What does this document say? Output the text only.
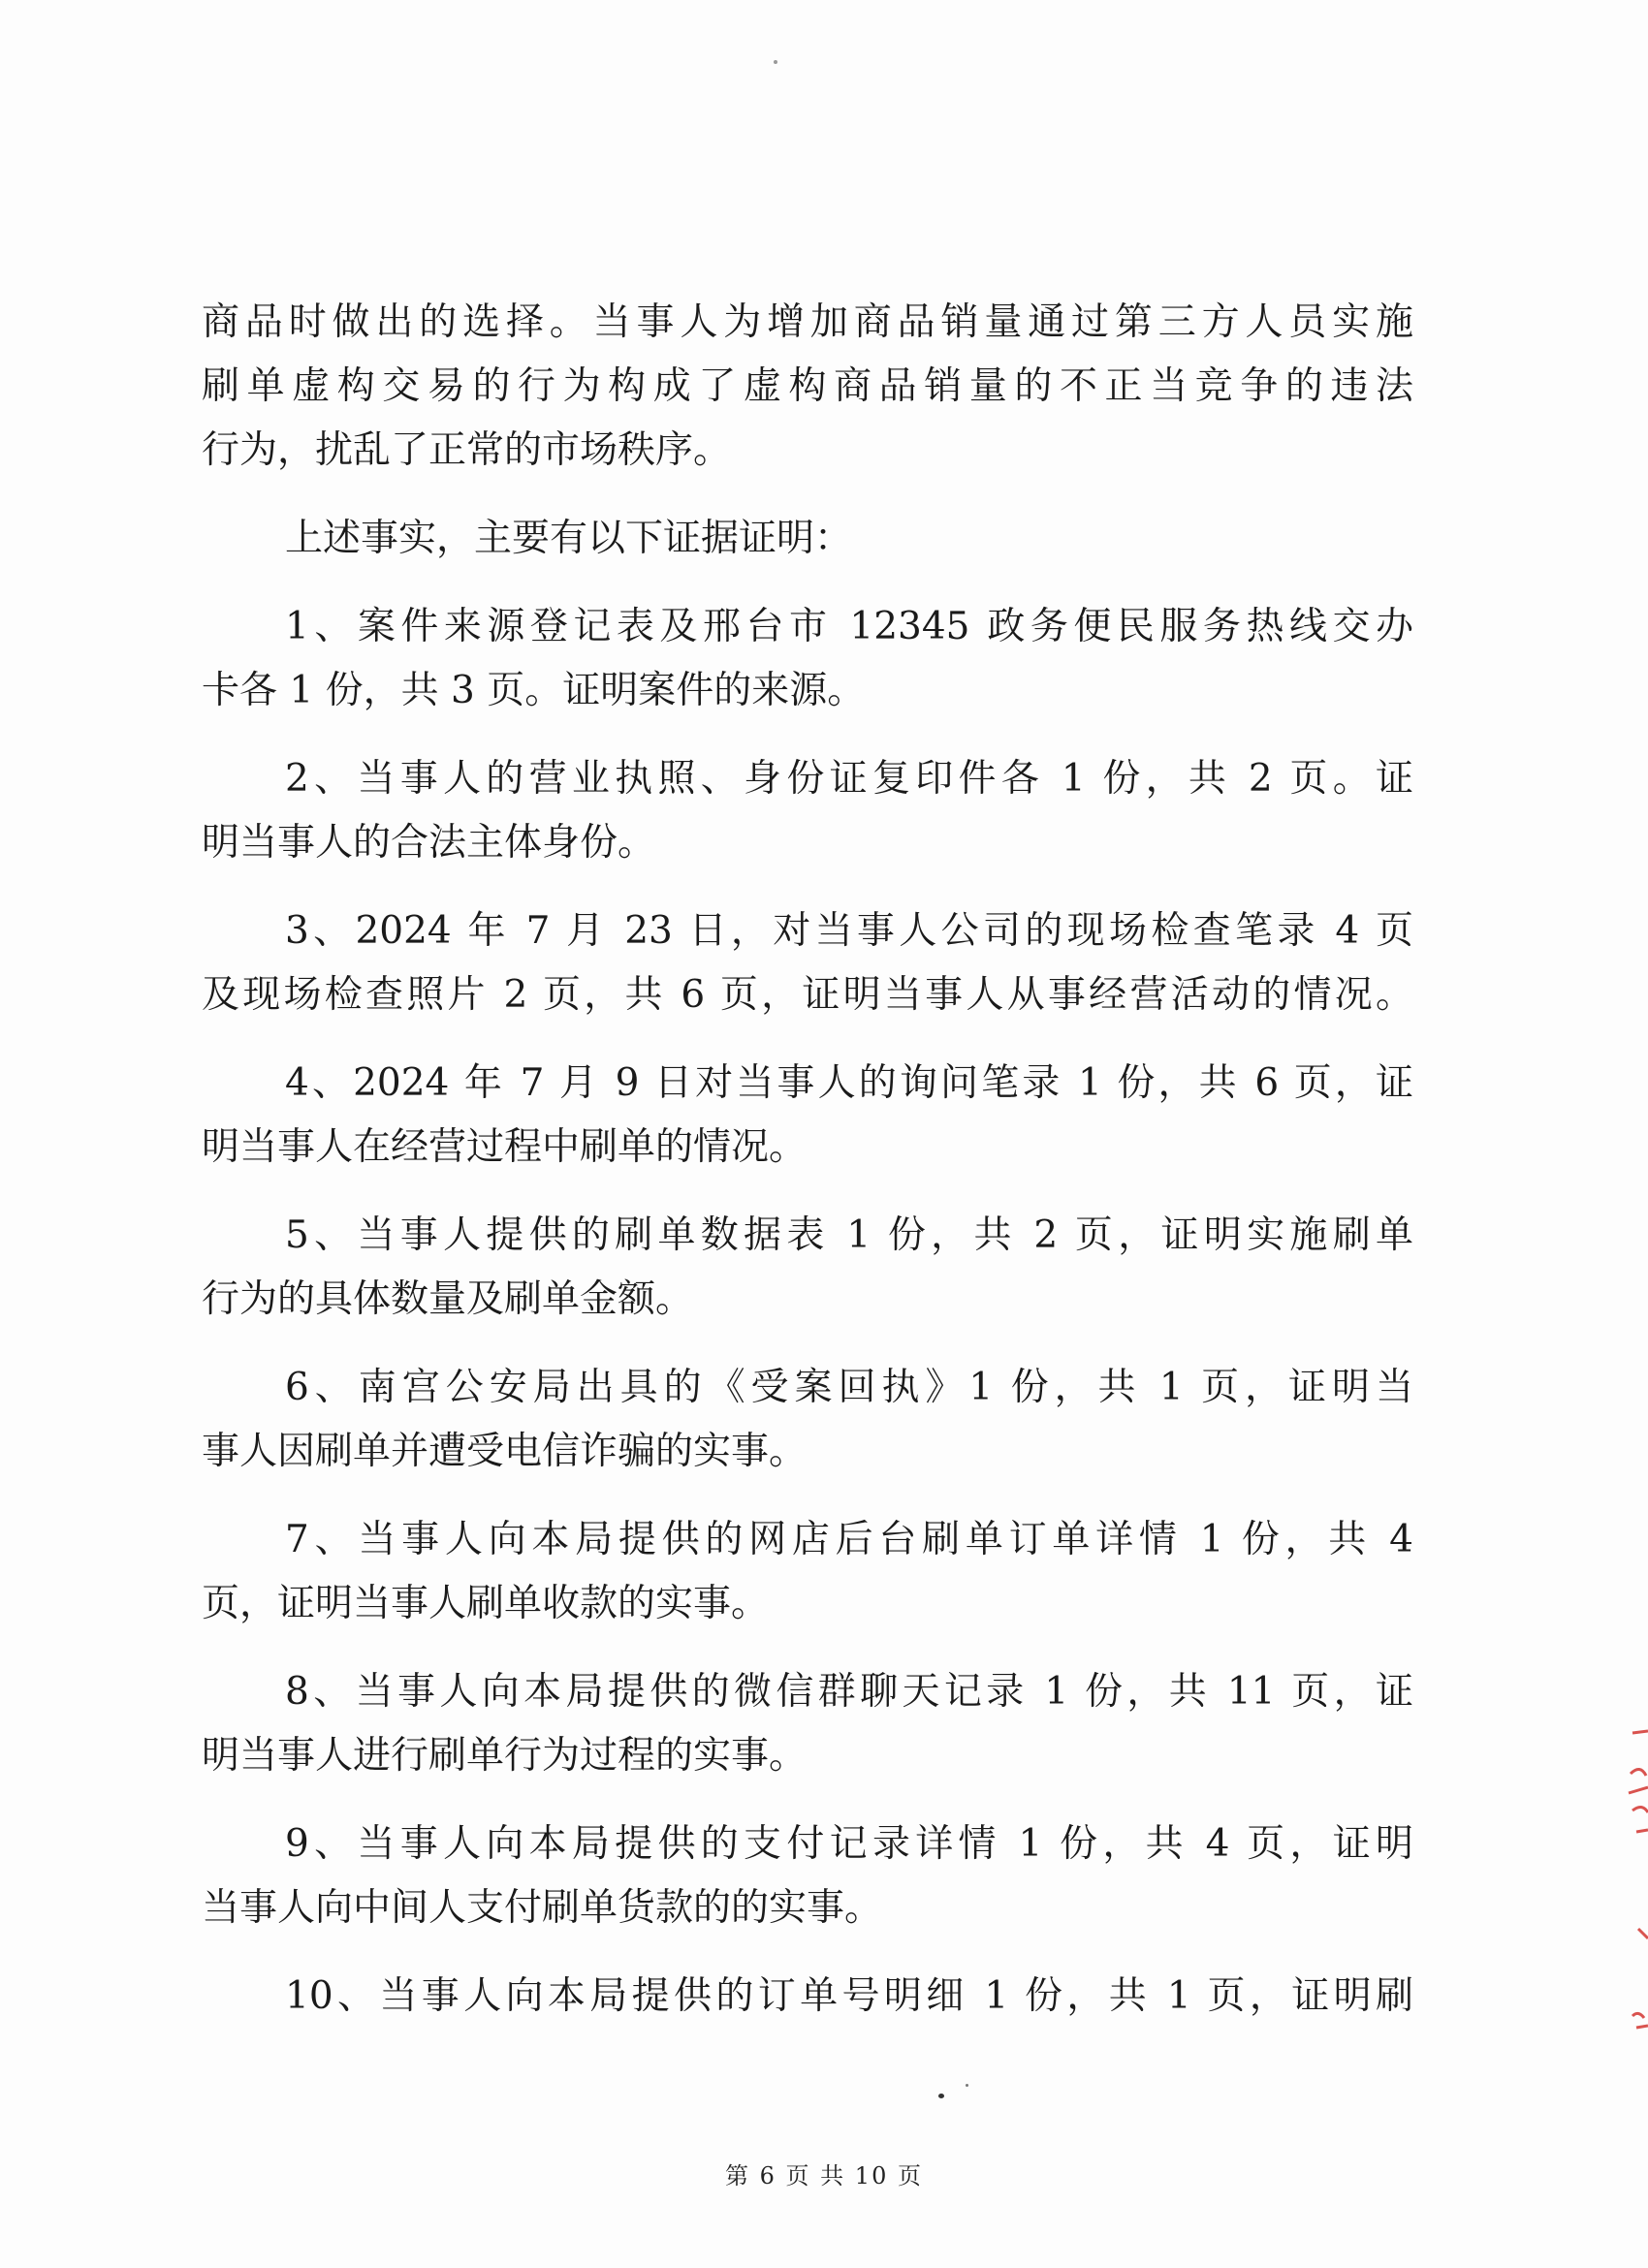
商品时做出的选择。当事人为增加商品销量通过第三方人员实施
刷单虚构交易的行为构成了虚构商品销量的不正当竞争的违法
行为，扰乱了正常的市场秩序。
上述事实，主要有以下证据证明：
1、案件来源登记表及邢台市 12345 政务便民服务热线交办
卡各 1 份，共 3 页。证明案件的来源。
2、当事人的营业执照、身份证复印件各 1 份，共 2 页。证
明当事人的合法主体身份。
3、2024 年 7 月 23 日，对当事人公司的现场检查笔录 4 页
及现场检查照片 2 页，共 6 页，证明当事人从事经营活动的情况。
4、2024 年 7 月 9 日对当事人的询问笔录 1 份，共 6 页，证
明当事人在经营过程中刷单的情况。
5、当事人提供的刷单数据表 1 份，共 2 页，证明实施刷单
行为的具体数量及刷单金额。
6、南宫公安局出具的《受案回执》1 份，共 1 页，证明当
事人因刷单并遭受电信诈骗的实事。
7、当事人向本局提供的网店后台刷单订单详情 1 份，共 4
页，证明当事人刷单收款的实事。
8、当事人向本局提供的微信群聊天记录 1 份，共 11 页，证
明当事人进行刷单行为过程的实事。
9、当事人向本局提供的支付记录详情 1 份，共 4 页，证明
当事人向中间人支付刷单货款的的实事。
10、当事人向本局提供的订单号明细 1 份，共 1 页，证明刷
第 6 页 共 10 页
